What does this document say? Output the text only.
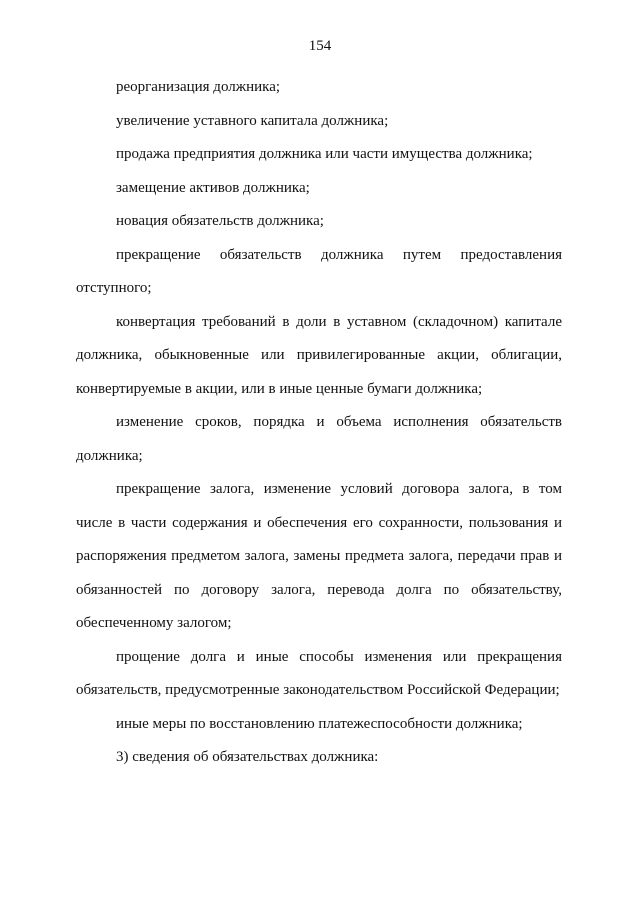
154

реорганизация должника;

увеличение уставного капитала должника;

продажа предприятия должника или части имущества должника;

замещение активов должника;

новация обязательств должника;

прекращение обязательств должника путем предоставления отступного;

конвертация требований в доли в уставном (складочном) капитале должника, обыкновенные или привилегированные акции, облигации, конвертируемые в акции, или в иные ценные бумаги должника;

изменение сроков, порядка и объема исполнения обязательств должника;

прекращение залога, изменение условий договора залога, в том числе в части содержания и обеспечения его сохранности, пользования и распоряжения предметом залога, замены предмета залога, передачи прав и обязанностей по договору залога, перевода долга по обязательству, обеспеченному залогом;

прощение долга и иные способы изменения или прекращения обязательств, предусмотренные законодательством Российской Федерации;

иные меры по восстановлению платежеспособности должника;

3) сведения об обязательствах должника:
